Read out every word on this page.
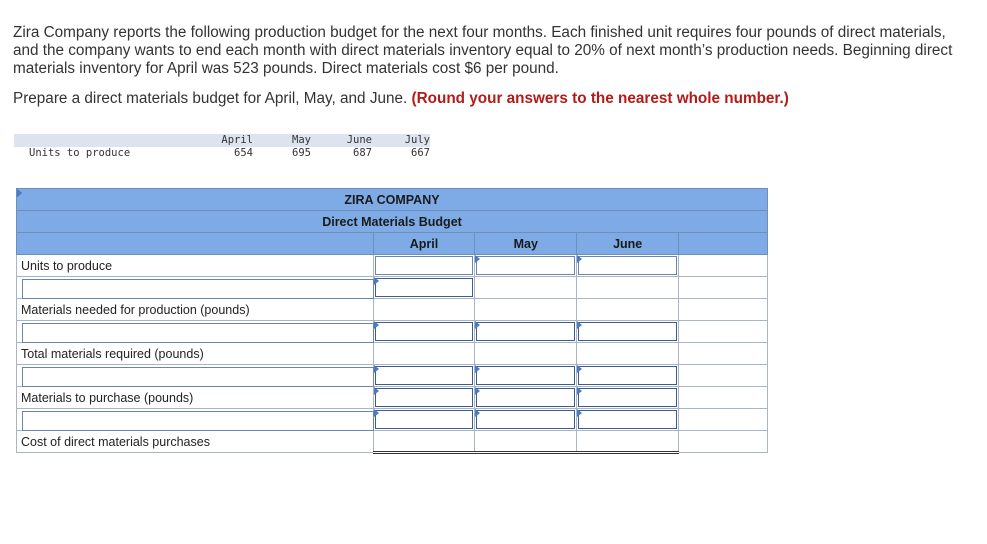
Zira Company reports the following production budget for the next four months. Each finished unit requires four pounds of direct materials, and the company wants to end each month with direct materials inventory equal to 20% of next month’s production needs. Beginning direct materials inventory for April was 523 pounds. Direct materials cost $6 per pound.

Prepare a direct materials budget for April, May, and June. (Round your answers to the nearest whole number.)

	April	May	June	July	
Units to produce	654	695	687	667	
ZIRA COMPANY				
Direct Materials Budget				
	April	May	June	
Units to produce	

Materials needed for production (pounds)				

Total materials required (pounds)				

Materials to purchase (pounds)	

Cost of direct materials purchases				
